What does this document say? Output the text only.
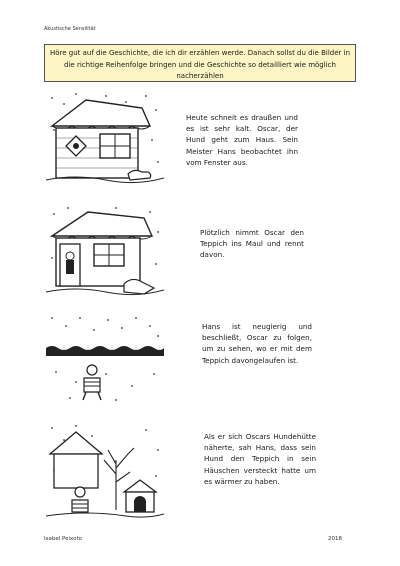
Akustische Sensilität
Höre gut auf die Geschichte, die ich dir erzählen werde. Danach sollst du die Bilder in die richtige Reihenfolge bringen und die Geschichte so detailliert wie möglich nacherzählen
Heute schneit es draußen und es ist sehr kalt. Oscar, der Hund geht zum Haus. Sein Meister Hans beobachtet ihn vom Fenster aus.
Plötzlich nimmt Oscar den Teppich ins Maul und rennt davon.
Hans ist neugierig und beschließt, Oscar zu folgen, um zu sehen, wo er mit dem Teppich davongelaufen ist.
Als er sich Oscars Hundehütte näherte, sah Hans, dass sein Hund den Teppich in sein Häuschen versteckt hatte um es wärmer zu haben.
Isabel Peixoto	2018
